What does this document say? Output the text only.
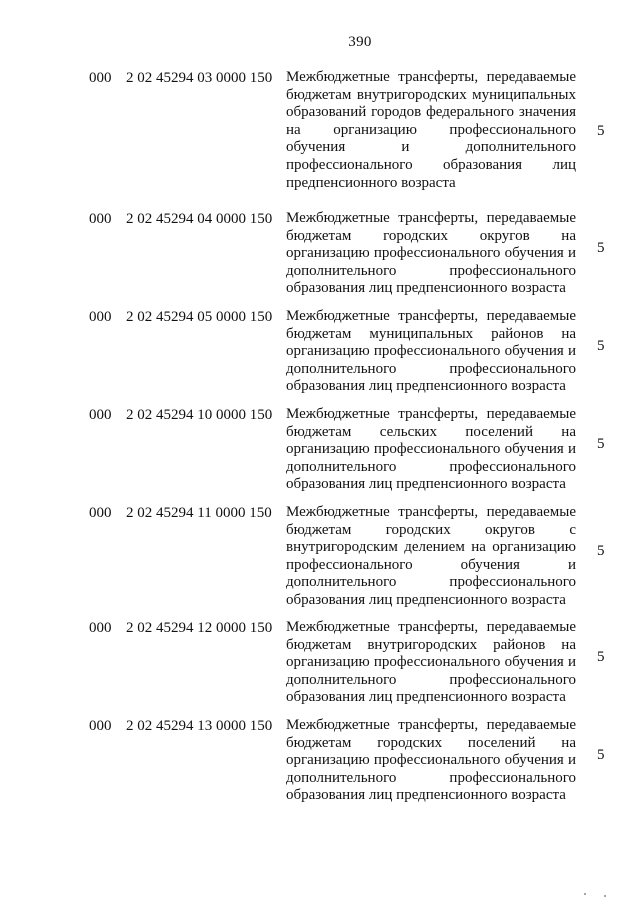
390
000 2 02 45294 03 0000 150 Межбюджетные трансферты, передаваемые бюджетам внутригородских муниципальных образований городов федерального значения на организацию профессионального обучения и дополнительного профессионального образования лиц предпенсионного возраста
5
000 2 02 45294 04 0000 150 Межбюджетные трансферты, передаваемые бюджетам городских округов на организацию профессионального обучения и дополнительного профессионального образования лиц предпенсионного возраста
5
000 2 02 45294 05 0000 150 Межбюджетные трансферты, передаваемые бюджетам муниципальных районов на организацию профессионального обучения и дополнительного профессионального образования лиц предпенсионного возраста
5
000 2 02 45294 10 0000 150 Межбюджетные трансферты, передаваемые бюджетам сельских поселений на организацию профессионального обучения и дополнительного профессионального образования лиц предпенсионного возраста
5
000 2 02 45294 11 0000 150 Межбюджетные трансферты, передаваемые бюджетам городских округов с внутригородским делением на организацию профессионального обучения и дополнительного профессионального образования лиц предпенсионного возраста
5
000 2 02 45294 12 0000 150 Межбюджетные трансферты, передаваемые бюджетам внутригородских районов на организацию профессионального обучения и дополнительного профессионального образования лиц предпенсионного возраста
5
000 2 02 45294 13 0000 150 Межбюджетные трансферты, передаваемые бюджетам городских поселений на организацию профессионального обучения и дополнительного профессионального образования лиц предпенсионного возраста
5
